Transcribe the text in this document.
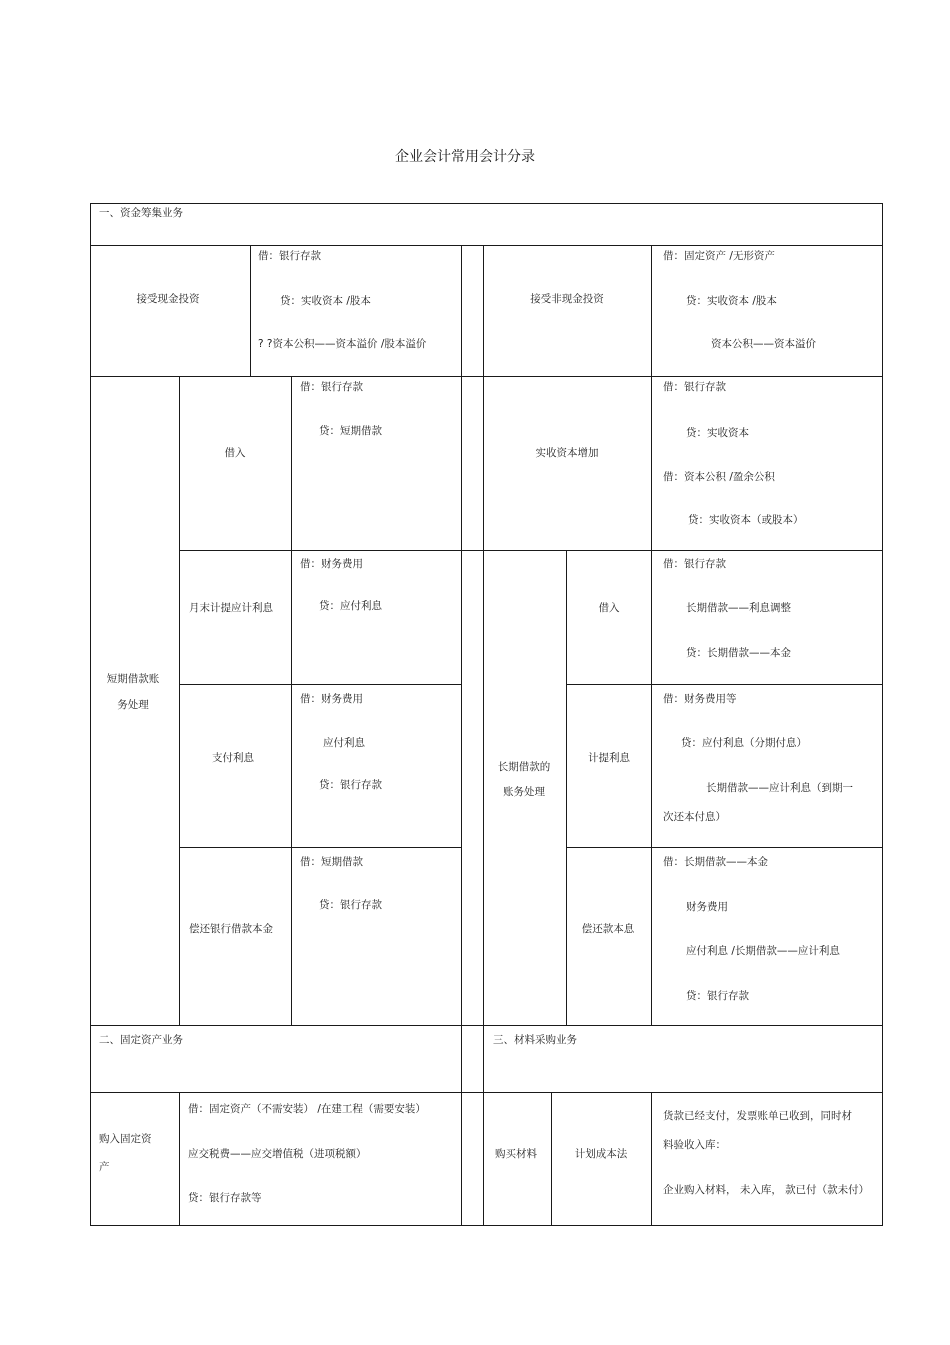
企业会计常用会计分录
一、资金筹集业务
二、固定资产业务	三、材料采购业务
接受现金投资
借：银行存款
贷：实收资本 /股本
? ?资本公积——资本溢价 /股本溢价
接受非现金投资
借：固定资产 /无形资产
贷：实收资本 /股本
资本公积——资本溢价
短期借款账
务处理
借入
借：银行存款
贷：短期借款
月末计提应计利息
借：财务费用
贷：应付利息
支付利息
借：财务费用
应付利息
贷：银行存款
偿还银行借款本金
借：短期借款
贷：银行存款
实收资本增加
借：银行存款
贷：实收资本
借：资本公积 /盈余公积
贷：实收资本（或股本）
长期借款的
账务处理
借入
借：银行存款
长期借款——利息调整
贷：长期借款——本金
计提利息
借：财务费用等
贷：应付利息（分期付息）
长期借款——应计利息（到期一
次还本付息）
偿还款本息
借：长期借款——本金
财务费用
应付利息 /长期借款——应计利息
贷：银行存款
购入固定资
产
借：固定资产（不需安装） /在建工程（需要安装）
应交税费——应交增值税（进项税额）
贷：银行存款等
购买材料	计划成本法
货款已经支付，发票账单已收到，同时材
料验收入库：
企业购入材料， 未入库， 款已付（款未付）
